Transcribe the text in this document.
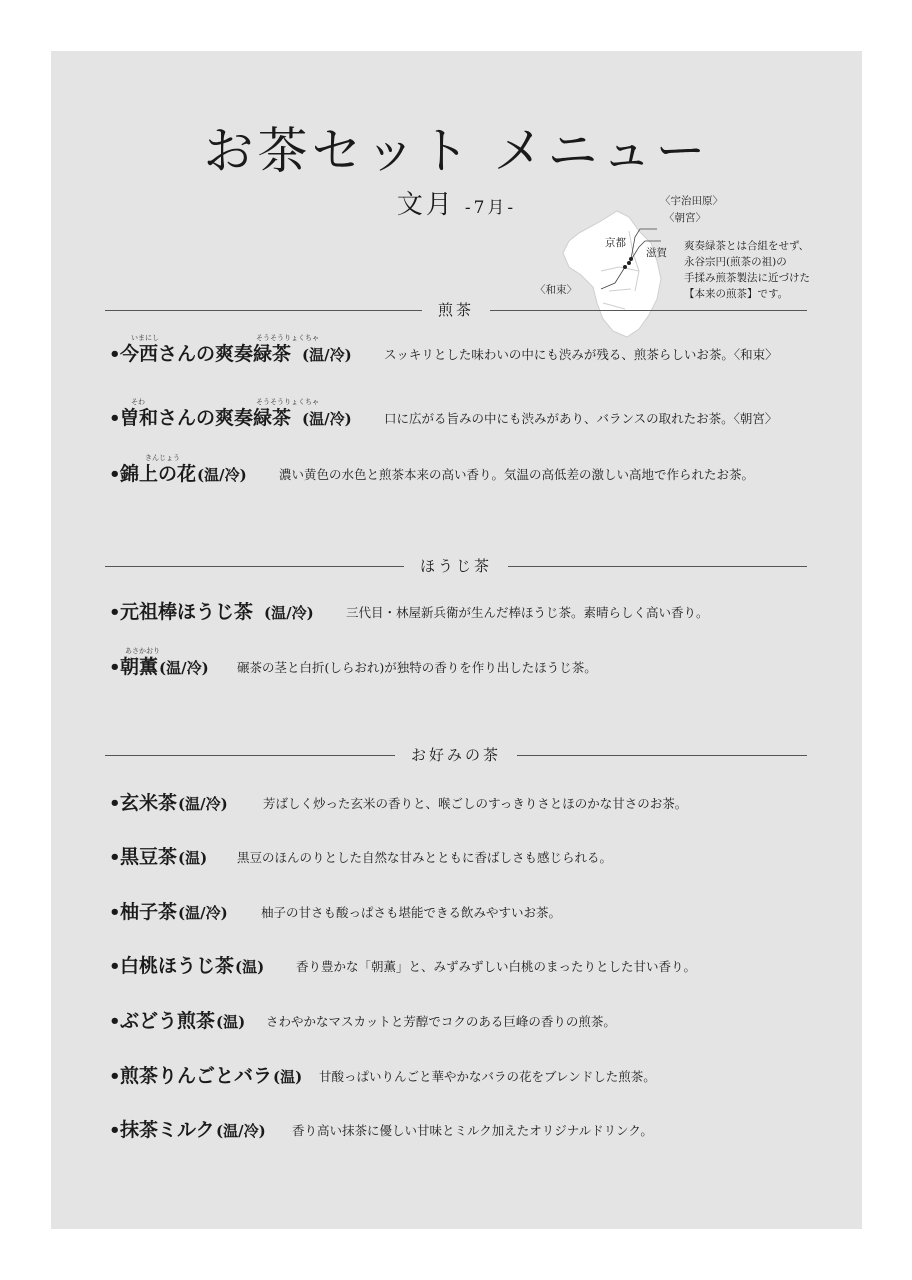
お茶セット メニュー
文月 -7月-	〈宇治田原〉
〈朝宮〉
京都
滋賀
〈和束〉
爽奏緑茶とは合組をせず、
永谷宗円(煎茶の祖)の
手揉み煎茶製法に近づけた
【本来の煎茶】です。
煎茶
いまにし	そうそうりょくちゃ
• 今西さんの爽奏緑茶 (温/冷)	スッキリとした味わいの中にも渋みが残る、煎茶らしいお茶。〈和束〉
そわ	そうそうりょくちゃ
• 曽和さんの爽奏緑茶 (温/冷)	口に広がる旨みの中にも渋みがあり、バランスの取れたお茶。〈朝宮〉
きんじょう
• 錦上の花 (温/冷)	濃い黄色の水色と煎茶本来の高い香り。気温の高低差の激しい高地で作られたお茶。
ほうじ茶
• 元祖棒ほうじ茶 (温/冷)	三代目・林屋新兵衛が生んだ棒ほうじ茶。素晴らしく高い香り。
あさかおり
• 朝薫 (温/冷) 碾茶の茎と白折(しらおれ)が独特の香りを作り出したほうじ茶。
お好みの茶
• 玄米茶 (温/冷)	芳ばしく炒った玄米の香りと、喉ごしのすっきりさとほのかな甘さのお茶。
• 黒豆茶 (温) 黒豆のほんのりとした自然な甘みとともに香ばしさも感じられる。
• 柚子茶 (温/冷)	柚子の甘さも酸っぱさも堪能できる飲みやすいお茶。
• 白桃ほうじ茶 (温)	香り豊かな「朝薫」と、みずみずしい白桃のまったりとした甘い香り。
• ぶどう煎茶 (温) さわやかなマスカットと芳醇でコクのある巨峰の香りの煎茶。
• 煎茶りんごとバラ (温) 甘酸っぱいりんごと華やかなバラの花をブレンドした煎茶。
• 抹茶ミルク (温/冷) 香り高い抹茶に優しい甘味とミルク加えたオリジナルドリンク。
